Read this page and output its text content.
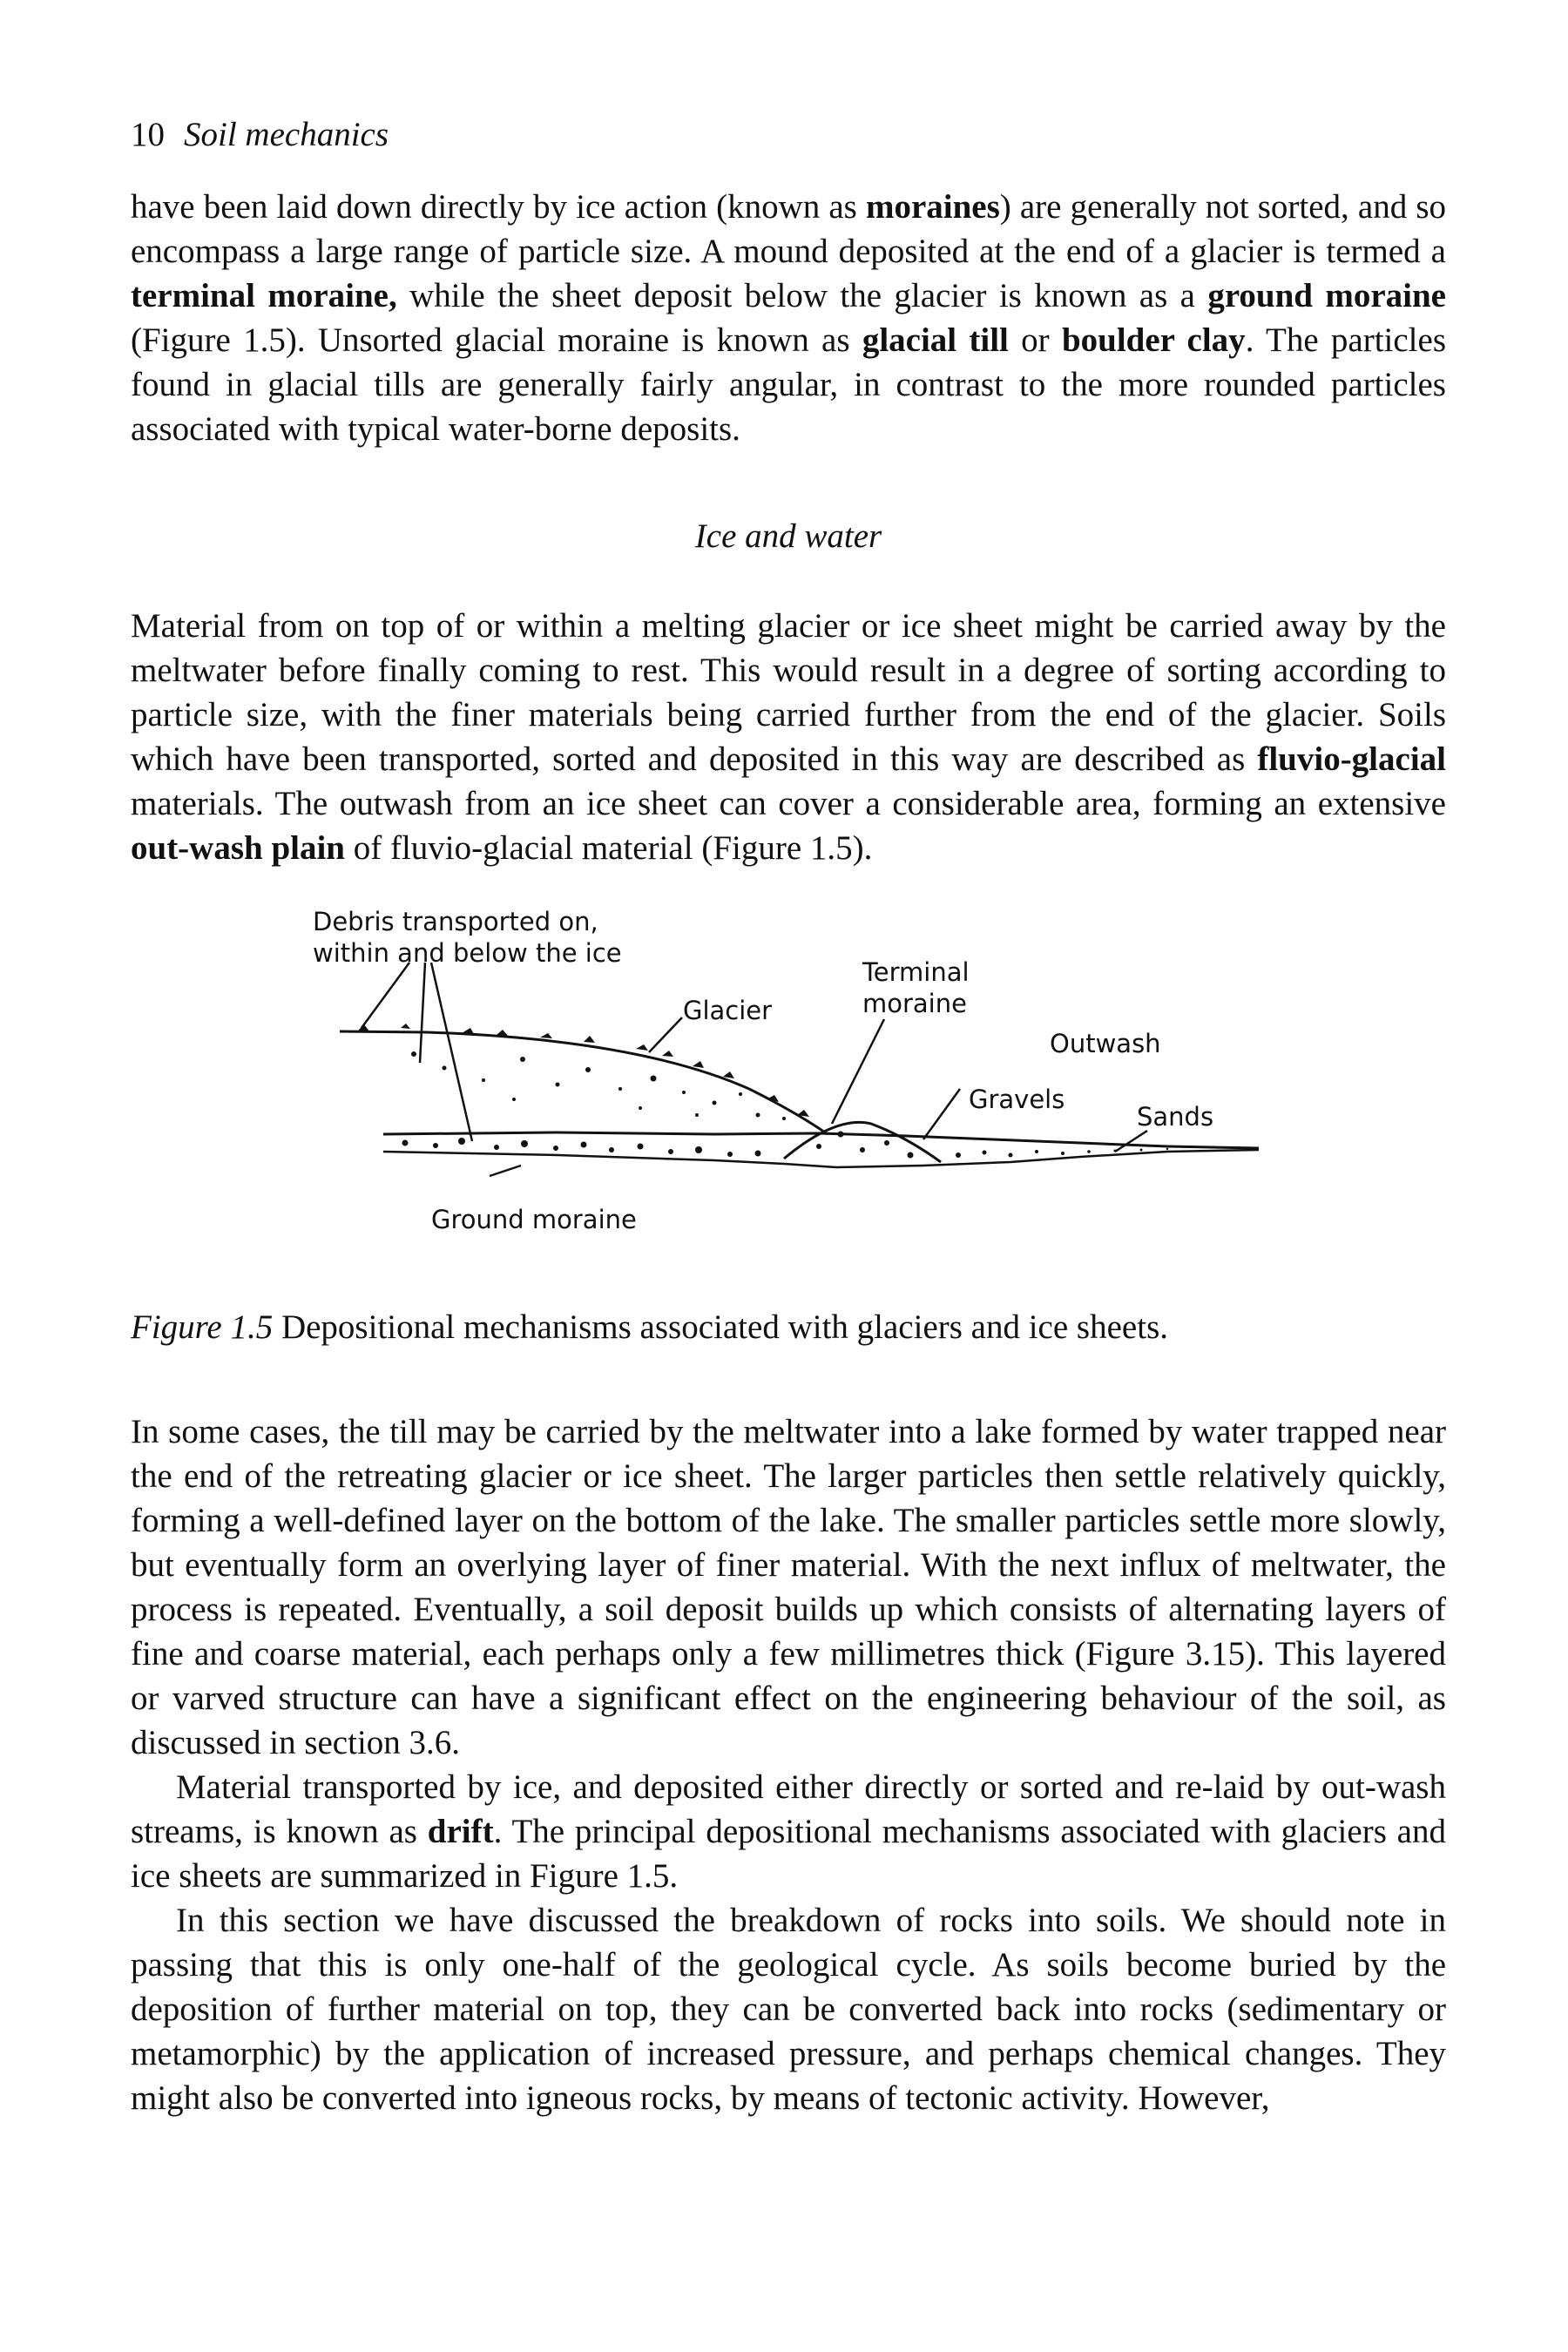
10 Soil mechanics

have been laid down directly by ice action (known as moraines) are generally not sorted, and so encompass a large range of particle size. A mound deposited at the end of a glacier is termed a terminal moraine, while the sheet deposit below the glacier is known as a ground moraine (Figure 1.5). Unsorted glacial moraine is known as glacial till or boulder clay. The particles found in glacial tills are generally fairly angular, in contrast to the more rounded particles associated with typical water-borne deposits.

Ice and water

Material from on top of or within a melting glacier or ice sheet might be carried away by the meltwater before finally coming to rest. This would result in a degree of sorting according to particle size, with the finer materials being carried further from the end of the glacier. Soils which have been transported, sorted and deposited in this way are described as fluvio-glacial materials. The outwash from an ice sheet can cover a considerable area, forming an extensive out-wash plain of fluvio-glacial material (Figure 1.5).

Debris transported on,
within and below the ice
Glacier
Terminal
moraine
Outwash
Gravels
Sands
Ground moraine
Figure 1.5 Depositional mechanisms associated with glaciers and ice sheets.

In some cases, the till may be carried by the meltwater into a lake formed by water trapped near the end of the retreating glacier or ice sheet. The larger particles then settle relatively quickly, forming a well-defined layer on the bottom of the lake. The smaller particles settle more slowly, but eventually form an overlying layer of finer material. With the next influx of meltwater, the process is repeated. Eventually, a soil deposit builds up which consists of alternating layers of fine and coarse material, each perhaps only a few millimetres thick (Figure 3.15). This layered or varved structure can have a significant effect on the engineering behaviour of the soil, as discussed in section 3.6.

Material transported by ice, and deposited either directly or sorted and re-laid by out-wash streams, is known as drift. The principal depositional mechanisms associated with glaciers and ice sheets are summarized in Figure 1.5.

In this section we have discussed the breakdown of rocks into soils. We should note in passing that this is only one-half of the geological cycle. As soils become buried by the deposition of further material on top, they can be converted back into rocks (sedimentary or metamorphic) by the application of increased pressure, and perhaps chemical changes. They might also be converted into igneous rocks, by means of tectonic activity. However,
